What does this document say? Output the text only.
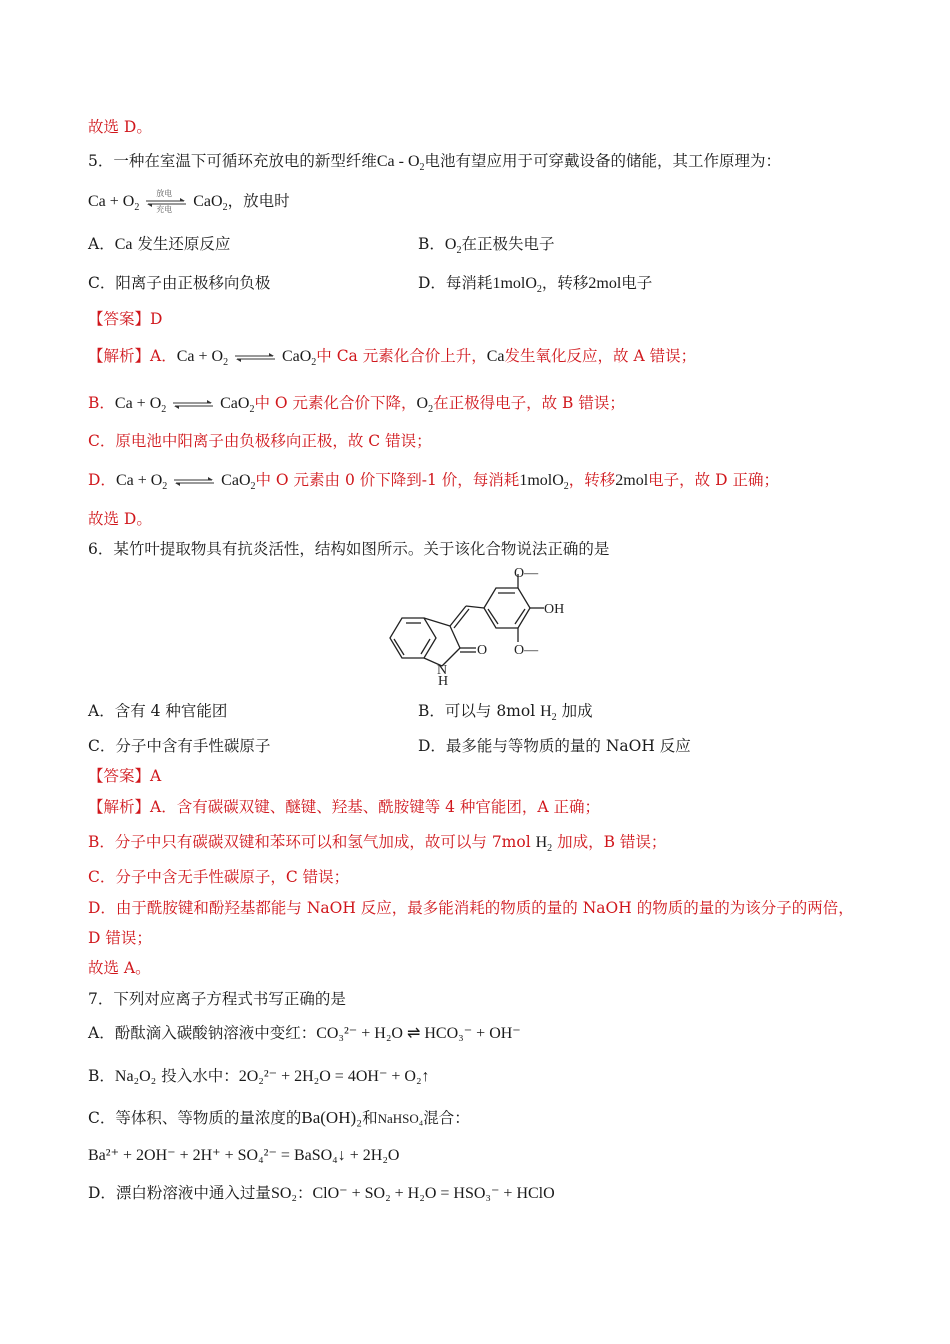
故选 D。
5．一种在室温下可循环充放电的新型纤维Ca - $O_2$电池有望应用于可穿戴设备的储能，其工作原理为：
$Ca + O_2$
放电
充电 CaO$_2$，放电时
A．Ca 发生还原反应	B．$O_2$在正极失电子
C．阳离子由正极移向负极	D．每消耗1molO$_2$，转移2mol电子
【答案】D
【解析】A．$Ca + O_2$ ⇌ CaO$_2$中 Ca 元素化合价上升，Ca发生氧化反应，故 A 错误；
B．$Ca + O_2$ ⇌ CaO$_2$中 O 元素化合价下降，$O_2$在正极得电子，故 B 错误；
C．原电池中阳离子由负极移向正极，故 C 错误；
D．$Ca + O_2$ ⇌ CaO$_2$中 O 元素由 0 价下降到-1 价，每消耗1molO$_2$，转移2mol电子，故 D 正确；
故选 D。
6．某竹叶提取物具有抗炎活性，结构如图所示。关于该化合物说法正确的是
O—
OH
O—
O
N
H
A．含有 4 种官能团	B．可以与 8mol $H_2$ 加成
C．分子中含有手性碳原子	D．最多能与等物质的量的 NaOH 反应
【答案】A
【解析】A．含有碳碳双键、醚键、羟基、酰胺键等 4 种官能团，A 正确；
B．分子中只有碳碳双键和苯环可以和氢气加成，故可以与 7mol $H_2$ 加成，B 错误；
C．分子中含无手性碳原子，C 错误；
D．由于酰胺键和酚羟基都能与 NaOH 反应，最多能消耗的物质的量的 NaOH 的物质的量的为该分子的两倍，D 错误；
故选 A。
7．下列对应离子方程式书写正确的是
A．酚酞滴入碳酸钠溶液中变红：CO₃²⁻ + H₂O ⇌ HCO₃⁻ + OH⁻
B．Na₂O₂ 投入水中：2O₂²⁻ + 2H₂O = 4OH⁻ + O₂↑
C．等体积、等物质的量浓度的Ba(OH)₂和NaHSO₄混合：
Ba²⁺ + 2OH⁻ + 2H⁺ + SO₄²⁻ = BaSO₄↓ + 2H₂O
D．漂白粉溶液中通入过量SO₂：ClO⁻ + SO₂ + H₂O = HSO₃⁻ + HClO
